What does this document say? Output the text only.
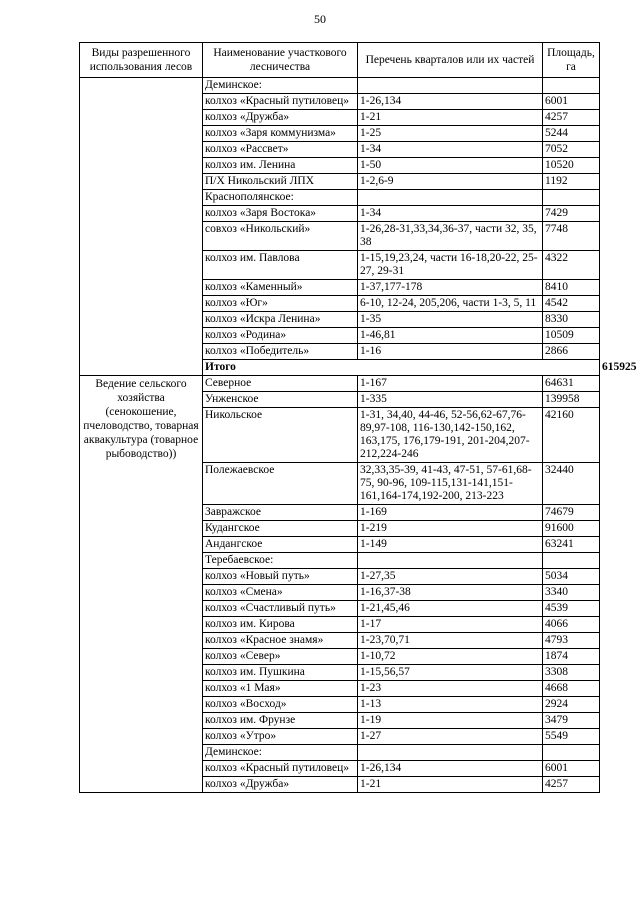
50
Виды разрешенного использования лесов	Наименование участкового лесничества	Перечень кварталов или их частей	Площадь, га	
	Деминское:			
	колхоз «Красный путиловец»	1-26,134	6001	
	колхоз «Дружба»	1-21	4257	
	колхоз «Заря коммунизма»	1-25	5244	
	колхоз «Рассвет»	1-34	7052	
	колхоз им. Ленина	1-50	10520	
	П/Х Никольский ЛПХ	1-2,6-9	1192	
	Краснополянское:			
	колхоз «Заря Востока»	1-34	7429	
	совхоз «Никольский»	1-26,28-31,33,34,36-37, части 32, 35, 38	7748	
	колхоз им. Павлова	1-15,19,23,24, части 16-18,20-22, 25-27, 29-31	4322	
	колхоз «Каменный»	1-37,177-178	8410	
	колхоз «Юг»	6-10, 12-24, 205,206, части 1-3, 5, 11	4542	
	колхоз «Искра Ленина»	1-35	8330	
	колхоз «Родина»	1-46,81	10509	
	колхоз «Победитель»	1-16	2866	
	Итого			615925
Ведение сельского хозяйства (сенокошение, пчеловодство, товарная аквакультура (товарное рыбоводство))	Северное	1-167	64631	
	Унженское	1-335	139958	
	Никольское	1-31, 34,40, 44-46, 52-56,62-67,76-89,97-108, 116-130,142-150,162, 163,175, 176,179-191, 201-204,207-212,224-246	42160	
	Полежаевское	32,33,35-39, 41-43, 47-51, 57-61,68-75, 90-96, 109-115,131-141,151-161,164-174,192-200, 213-223	32440	
	Завражское	1-169	74679	
	Кудангское	1-219	91600	
	Андангское	1-149	63241	
	Теребаевское:			
	колхоз «Новый путь»	1-27,35	5034	
	колхоз «Смена»	1-16,37-38	3340	
	колхоз «Счастливый путь»	1-21,45,46	4539	
	колхоз им. Кирова	1-17	4066	
	колхоз «Красное знамя»	1-23,70,71	4793	
	колхоз «Север»	1-10,72	1874	
	колхоз им. Пушкина	1-15,56,57	3308	
	колхоз «1 Мая»	1-23	4668	
	колхоз «Восход»	1-13	2924	
	колхоз им. Фрунзе	1-19	3479	
	колхоз «Утро»	1-27	5549	
	Деминское:			
	колхоз «Красный путиловец»	1-26,134	6001	
	колхоз «Дружба»	1-21	4257	
